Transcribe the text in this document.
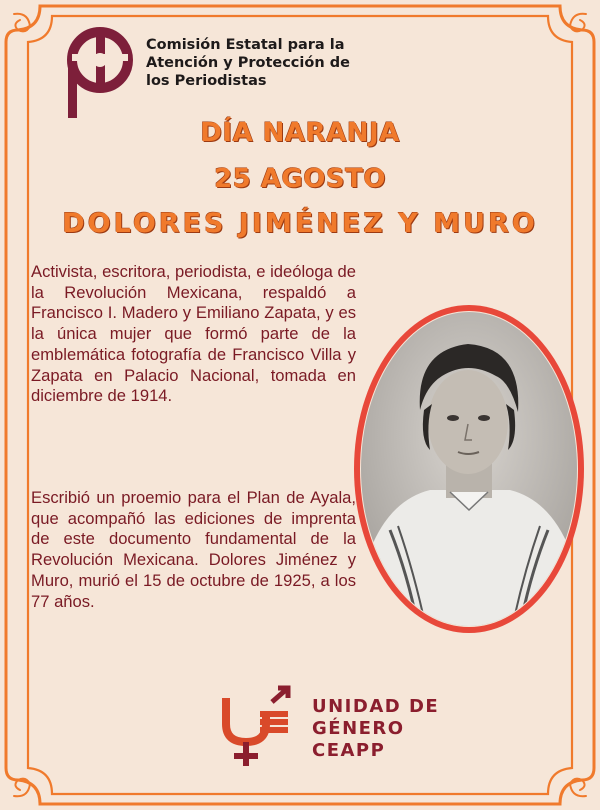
Comisión Estatal para la
Atención y Protección de
los Periodistas
DÍA NARANJA
25 AGOSTO
DOLORES JIMÉNEZ Y MURO
Activista, escritora, periodista, e ideóloga de la Revolución Mexicana, respaldó a Francisco I. Madero y Emiliano Zapata, y es la única mujer que formó parte de la emblemática fotografía de Francisco Villa y Zapata en Palacio Nacional, tomada en diciembre de 1914.
Escribió un proemio para el Plan de Ayala, que acompañó las ediciones de imprenta de este documento fundamental de la Revolución Mexicana. Dolores Jiménez y Muro, murió el 15 de octubre de 1925, a los 77 años.
UNIDAD DE
GÉNERO
CEAPP
